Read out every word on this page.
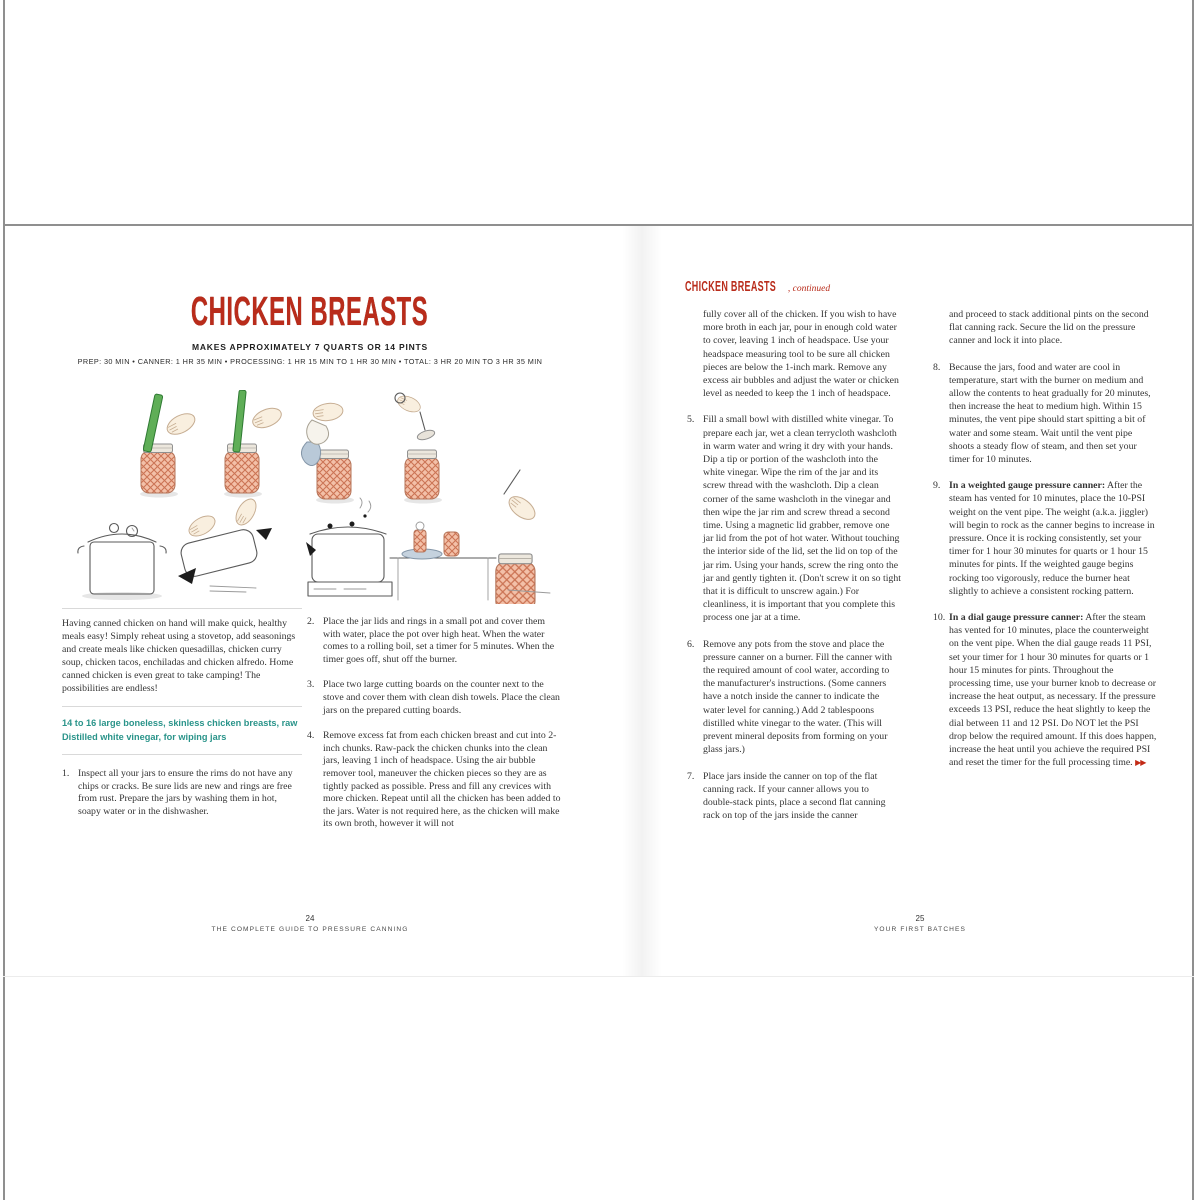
CHICKEN BREASTS
MAKES APPROXIMATELY 7 QUARTS OR 14 PINTS
PREP: 30 MIN • CANNER: 1 HR 35 MIN • PROCESSING: 1 HR 15 MIN TO 1 HR 30 MIN • TOTAL: 3 HR 20 MIN TO 3 HR 35 MIN

Having canned chicken on hand will make quick, healthy meals easy! Simply reheat using a stovetop, add seasonings and create meals like chicken quesadillas, chicken curry soup, chicken tacos, enchiladas and chicken alfredo. Home canned chicken is even great to take camping! The possibilities are endless!

14 to 16 large boneless, skinless chicken breasts, raw
Distilled white vinegar, for wiping jars
1. Inspect all your jars to ensure the rims do not have any chips or cracks. Be sure lids are new and rings are free from rust. Prepare the jars by washing them in hot, soapy water or in the dishwasher.
2. Place the jar lids and rings in a small pot and cover them with water, place the pot over high heat. When the water comes to a rolling boil, set a timer for 5 minutes. When the timer goes off, shut off the burner.
3. Place two large cutting boards on the counter next to the stove and cover them with clean dish towels. Place the clean jars on the prepared cutting boards.
4. Remove excess fat from each chicken breast and cut into 2-inch chunks. Raw-pack the chicken chunks into the clean jars, leaving 1 inch of headspace. Using the air bubble remover tool, maneuver the chicken pieces so they are as tightly packed as possible. Press and fill any crevices with more chicken. Repeat until all the chicken has been added to the jars. Water is not required here, as the chicken will make its own broth, however it will not
24
THE COMPLETE GUIDE TO PRESSURE CANNING
CHICKEN BREASTS , continued

fully cover all of the chicken. If you wish to have more broth in each jar, pour in enough cold water to cover, leaving 1 inch of headspace. Use your headspace measuring tool to be sure all chicken pieces are below the 1-inch mark. Remove any excess air bubbles and adjust the water or chicken level as needed to keep the 1 inch of headspace.

5. Fill a small bowl with distilled white vinegar. To prepare each jar, wet a clean terrycloth washcloth in warm water and wring it dry with your hands. Dip a tip or portion of the washcloth into the white vinegar. Wipe the rim of the jar and its screw thread with the washcloth. Dip a clean corner of the same washcloth in the vinegar and then wipe the jar rim and screw thread a second time. Using a magnetic lid grabber, remove one jar lid from the pot of hot water. Without touching the interior side of the lid, set the lid on top of the jar rim. Using your hands, screw the ring onto the jar and gently tighten it. (Don't screw it on so tight that it is difficult to unscrew again.) For cleanliness, it is important that you complete this process one jar at a time.
6. Remove any pots from the stove and place the pressure canner on a burner. Fill the canner with the required amount of cool water, according to the manufacturer's instructions. (Some canners have a notch inside the canner to indicate the water level for canning.) Add 2 tablespoons distilled white vinegar to the water. (This will prevent mineral deposits from forming on your glass jars.)
7. Place jars inside the canner on top of the flat canning rack. If your canner allows you to double-stack pints, place a second flat canning rack on top of the jars inside the canner

and proceed to stack additional pints on the second flat canning rack. Secure the lid on the pressure canner and lock it into place.

8. Because the jars, food and water are cool in temperature, start with the burner on medium and allow the contents to heat gradually for 20 minutes, then increase the heat to medium high. Within 15 minutes, the vent pipe should start spitting a bit of water and some steam. Wait until the vent pipe shoots a steady flow of steam, and then set your timer for 10 minutes.
9. In a weighted gauge pressure canner: After the steam has vented for 10 minutes, place the 10-PSI weight on the vent pipe. The weight (a.k.a. jiggler) will begin to rock as the canner begins to increase in pressure. Once it is rocking consistently, set your timer for 1 hour 30 minutes for quarts or 1 hour 15 minutes for pints. If the weighted gauge begins rocking too vigorously, reduce the burner heat slightly to achieve a consistent rocking pattern.
10. In a dial gauge pressure canner: After the steam has vented for 10 minutes, place the counterweight on the vent pipe. When the dial gauge reads 11 PSI, set your timer for 1 hour 30 minutes for quarts or 1 hour 15 minutes for pints. Throughout the processing time, use your burner knob to decrease or increase the heat output, as necessary. If the pressure exceeds 13 PSI, reduce the heat slightly to keep the dial between 11 and 12 PSI. Do NOT let the PSI drop below the required amount. If this does happen, increase the heat until you achieve the required PSI and reset the timer for the full processing time. ▶▶
25
YOUR FIRST BATCHES
